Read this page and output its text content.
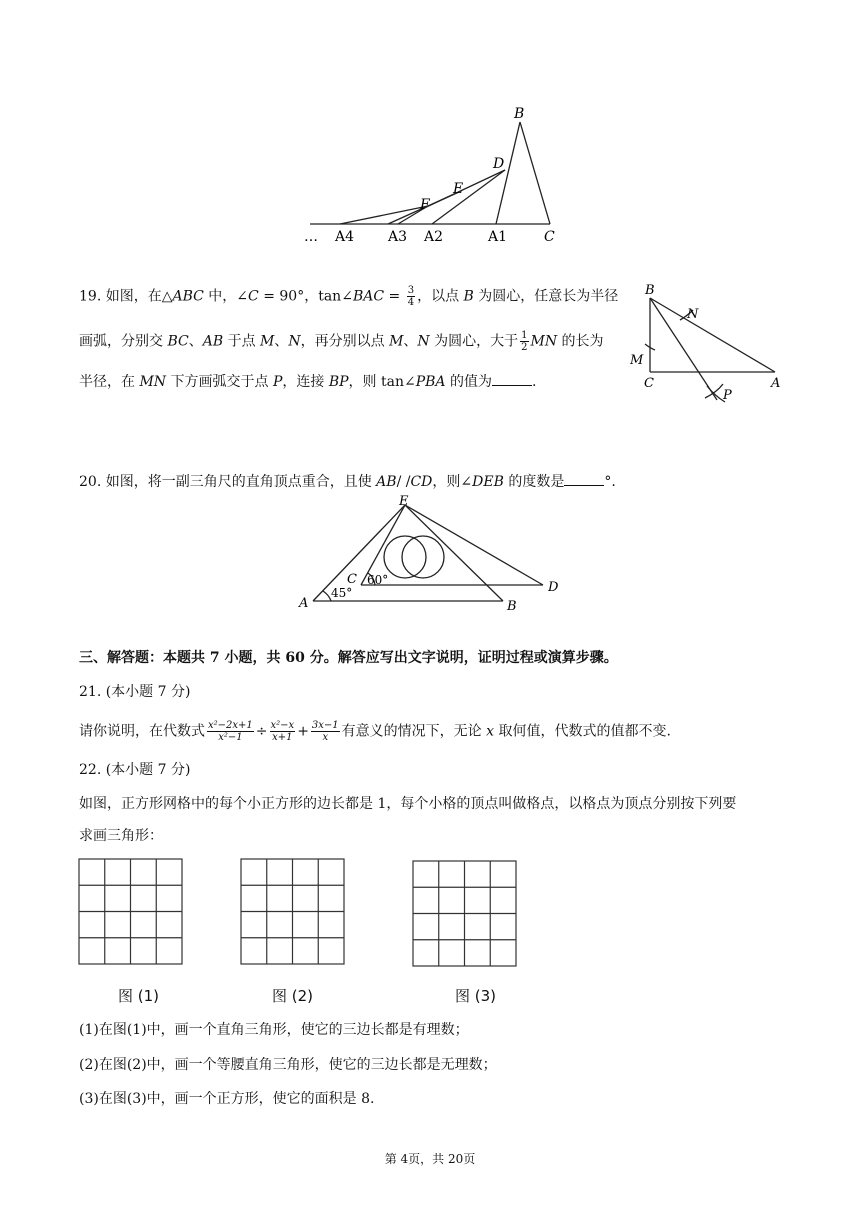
B
D
E
F
… A4 A3 A2	A1	C
19. 如图，在△ABC 中，∠C = 90°，tan∠BAC = $\frac{3}{4}$ ，以点 B 为圆心，任意长为半径
画弧，分别交 BC、AB 于点 M、N，再分别以点 M、N 为圆心，大于 $\frac{1}{2}$ MN 的长为
半径，在 MN 下方画弧交于点 P，连接 BP，则 tan∠PBA 的值为	.
B
N
M
C	A
P
20. 如图，将一副三角尺的直角顶点重合，且使 AB/ /CD，则∠DEB 的度数是	°.
E
C 60°
45°
A	B
D
三、解答题：本题共 7 小题，共 60 分。解答应写出文字说明，证明过程或演算步骤。
21. (本小题 7 分)
请你说明，在代数式 $\frac{\text{x²−2x+1}}{\text{x²−1}} \div \frac{\text{x²−x}}{x+1} + \frac{3x-1}{x}$ 有意义的情况下，无论 x 取何值，代数式的值都不变.
22. (本小题 7 分)
如图，正方形网格中的每个小正方形的边长都是 1，每个小格的顶点叫做格点，以格点为顶点分别按下列要
求画三角形：
图 (1)	图 (2)	图 (3)
(1)在图(1)中，画一个直角三角形，使它的三边长都是有理数；
(2)在图(2)中，画一个等腰直角三角形，使它的三边长都是无理数；
(3)在图(3)中，画一个正方形，使它的面积是 8.
第 4页，共 20页
